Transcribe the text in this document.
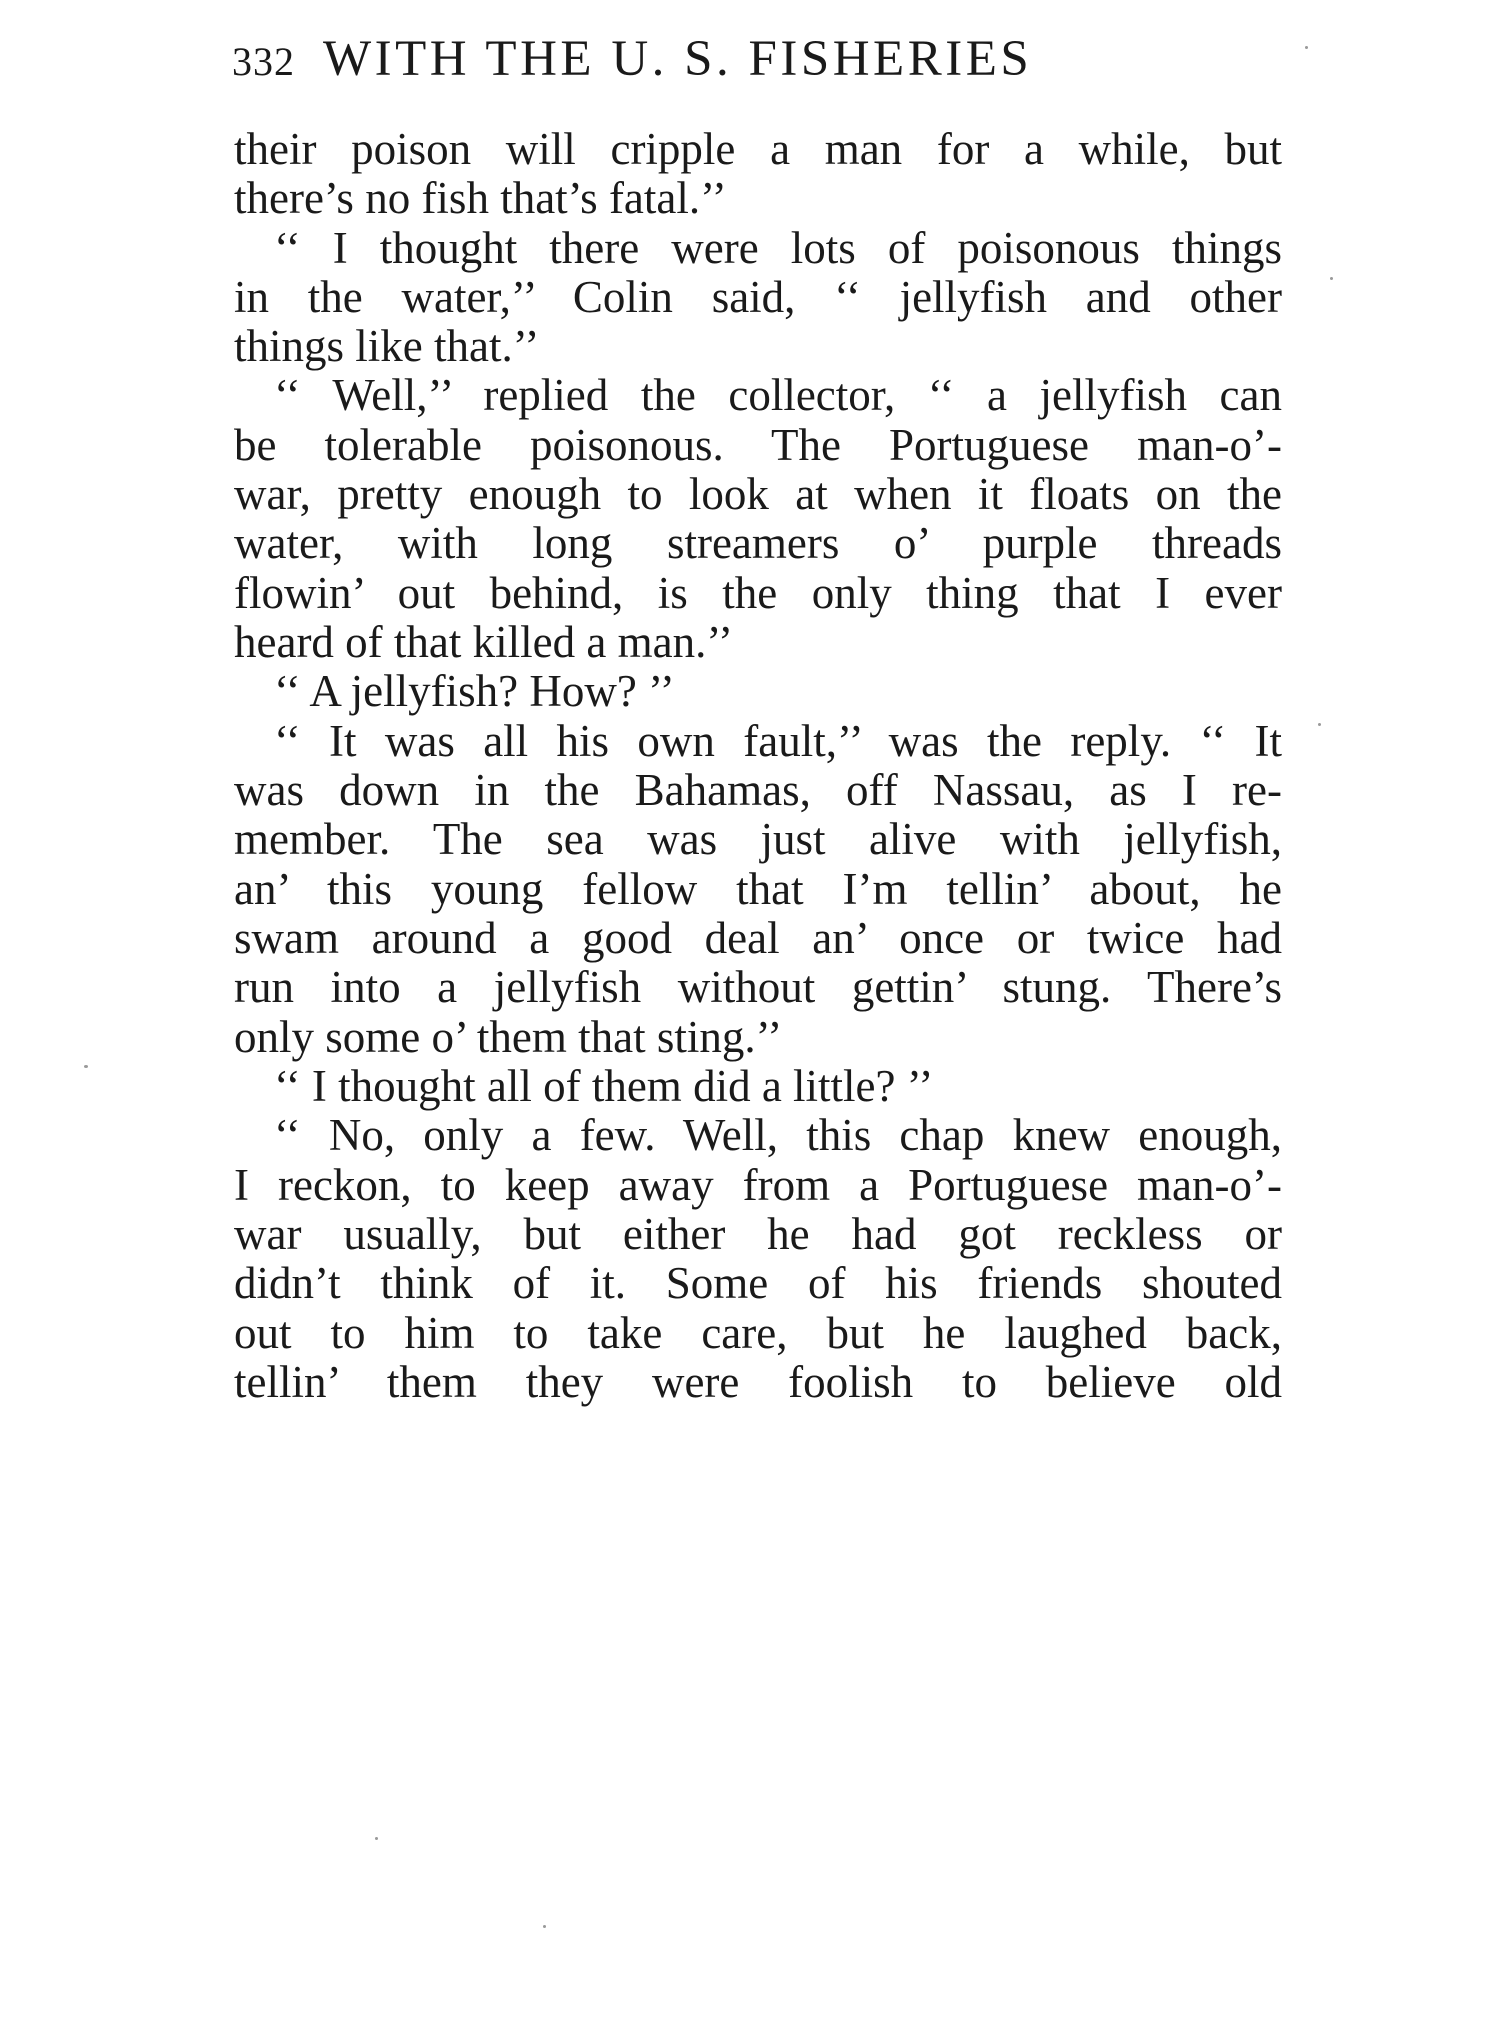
332 WITH THE U. S. FISHERIES
their poison will cripple a man for a while, but
there’s no fish that’s fatal.’’
‘‘ I thought there were lots of poisonous things
in the water,’’ Colin said, ‘‘ jellyfish and other
things like that.’’
‘‘ Well,’’ replied the collector, ‘‘ a jellyfish can
be tolerable poisonous. The Portuguese man-o’-
war, pretty enough to look at when it floats on the
water, with long streamers o’ purple threads
flowin’ out behind, is the only thing that I ever
heard of that killed a man.’’
‘‘ A jellyfish? How? ’’
‘‘ It was all his own fault,’’ was the reply. ‘‘ It
was down in the Bahamas, off Nassau, as I re-
member. The sea was just alive with jellyfish,
an’ this young fellow that I’m tellin’ about, he
swam around a good deal an’ once or twice had
run into a jellyfish without gettin’ stung. There’s
only some o’ them that sting.’’
‘‘ I thought all of them did a little? ’’
‘‘ No, only a few. Well, this chap knew enough,
I reckon, to keep away from a Portuguese man-o’-
war usually, but either he had got reckless or
didn’t think of it. Some of his friends shouted
out to him to take care, but he laughed back,
tellin’ them they were foolish to believe old
